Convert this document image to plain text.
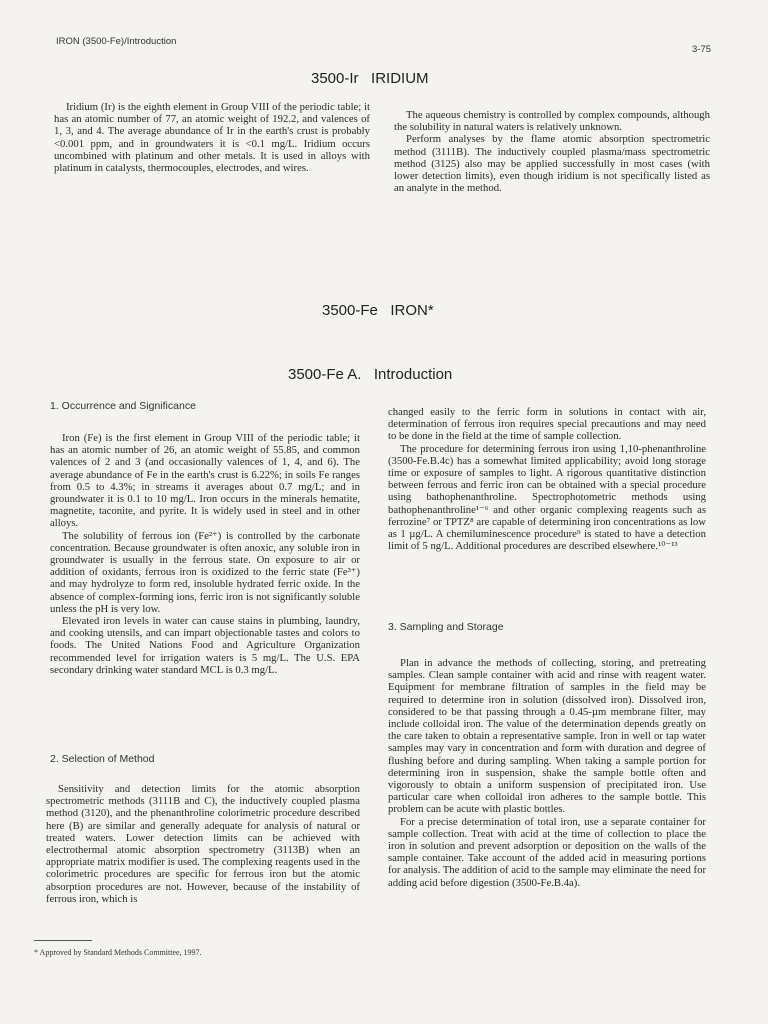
IRON (3500-Fe)/Introduction
3-75
3500-Ir   IRIDIUM

Iridium (Ir) is the eighth element in Group VIII of the periodic table; it has an atomic number of 77, an atomic weight of 192.2, and valences of 1, 3, and 4. The average abundance of Ir in the earth's crust is probably <0.001 ppm, and in groundwaters it is <0.1 mg/L. Iridium occurs uncombined with platinum and other metals. It is used in alloys with platinum in catalysts, thermocouples, electrodes, and wires.

The aqueous chemistry is controlled by complex compounds, although the solubility in natural waters is relatively unknown.

Perform analyses by the flame atomic absorption spectrometric method (3111B). The inductively coupled plasma/mass spectrometric method (3125) also may be applied successfully in most cases (with lower detection limits), even though iridium is not specifically listed as an analyte in the method.

3500-Fe   IRON*
3500-Fe A.   Introduction
1. Occurrence and Significance

Iron (Fe) is the first element in Group VIII of the periodic table; it has an atomic number of 26, an atomic weight of 55.85, and common valences of 2 and 3 (and occasionally valences of 1, 4, and 6). The average abundance of Fe in the earth's crust is 6.22%; in soils Fe ranges from 0.5 to 4.3%; in streams it averages about 0.7 mg/L; and in groundwater it is 0.1 to 10 mg/L. Iron occurs in the minerals hematite, magnetite, taconite, and pyrite. It is widely used in steel and in other alloys.

The solubility of ferrous ion (Fe²⁺) is controlled by the carbonate concentration. Because groundwater is often anoxic, any soluble iron in groundwater is usually in the ferrous state. On exposure to air or addition of oxidants, ferrous iron is oxidized to the ferric state (Fe³⁺) and may hydrolyze to form red, insoluble hydrated ferric oxide. In the absence of complex-forming ions, ferric iron is not significantly soluble unless the pH is very low.

Elevated iron levels in water can cause stains in plumbing, laundry, and cooking utensils, and can impart objectionable tastes and colors to foods. The United Nations Food and Agriculture Organization recommended level for irrigation waters is 5 mg/L. The U.S. EPA secondary drinking water standard MCL is 0.3 mg/L.

2. Selection of Method

Sensitivity and detection limits for the atomic absorption spectrometric methods (3111B and C), the inductively coupled plasma method (3120), and the phenanthroline colorimetric procedure described here (B) are similar and generally adequate for analysis of natural or treated waters. Lower detection limits can be achieved with electrothermal atomic absorption spectrometry (3113B) when an appropriate matrix modifier is used. The complexing reagents used in the colorimetric procedures are specific for ferrous iron but the atomic absorption procedures are not. However, because of the instability of ferrous iron, which is

* Approved by Standard Methods Committee, 1997.

changed easily to the ferric form in solutions in contact with air, determination of ferrous iron requires special precautions and may need to be done in the field at the time of sample collection.

The procedure for determining ferrous iron using 1,10-phenanthroline (3500-Fe.B.4c) has a somewhat limited applicability; avoid long storage time or exposure of samples to light. A rigorous quantitative distinction between ferrous and ferric iron can be obtained with a special procedure using bathophenanthroline. Spectrophotometric methods using bathophenanthroline¹⁻⁶ and other organic complexing reagents such as ferrozine⁷ or TPTZ⁸ are capable of determining iron concentrations as low as 1 µg/L. A chemiluminescence procedure⁹ is stated to have a detection limit of 5 ng/L. Additional procedures are described elsewhere.¹⁰⁻¹³

3. Sampling and Storage

Plan in advance the methods of collecting, storing, and pretreating samples. Clean sample container with acid and rinse with reagent water. Equipment for membrane filtration of samples in the field may be required to determine iron in solution (dissolved iron). Dissolved iron, considered to be that passing through a 0.45-µm membrane filter, may include colloidal iron. The value of the determination depends greatly on the care taken to obtain a representative sample. Iron in well or tap water samples may vary in concentration and form with duration and degree of flushing before and during sampling. When taking a sample portion for determining iron in suspension, shake the sample bottle often and vigorously to obtain a uniform suspension of precipitated iron. Use particular care when colloidal iron adheres to the sample bottle. This problem can be acute with plastic bottles.

For a precise determination of total iron, use a separate container for sample collection. Treat with acid at the time of collection to place the iron in solution and prevent adsorption or deposition on the walls of the sample container. Take account of the added acid in measuring portions for analysis. The addition of acid to the sample may eliminate the need for adding acid before digestion (3500-Fe.B.4a).
